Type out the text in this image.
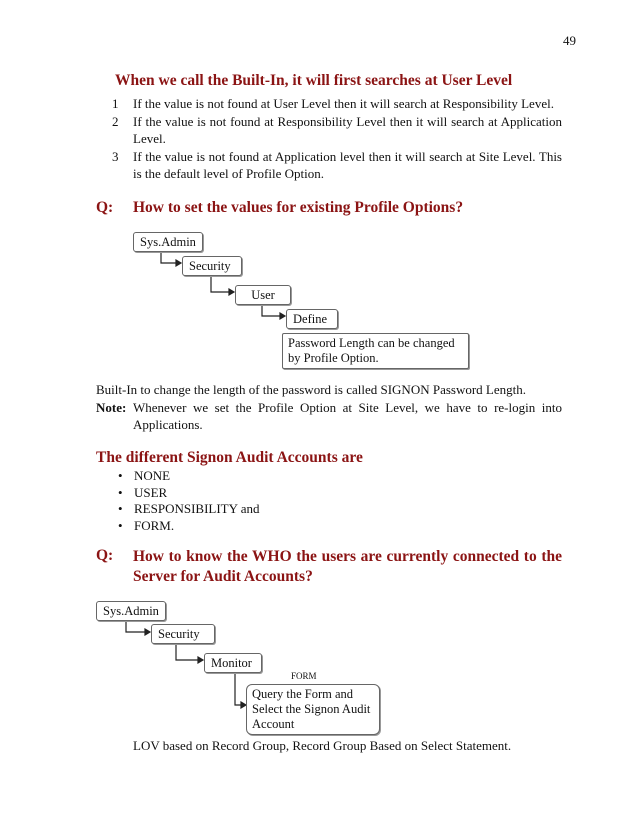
49
When we call the Built-In, it will first searches at User Level
1 If the value is not found at User Level then it will search at Responsibility Level.
2 If the value is not found at Responsibility Level then it will search at Application Level.
3 If the value is not found at Application level then it will search at Site Level. This is the default level of Profile Option.
Q: How to set the values for existing Profile Options?
Sys.Admin
Security
User
Define
Password Length can be changed by Profile Option.
Built-In to change the length of the password is called SIGNON Password Length.
Note: Whenever we set the Profile Option at Site Level, we have to re-login into Applications.
The different Signon Audit Accounts are
• NONE
• USER
• RESPONSIBILITY and
• FORM.
Q: How to know the WHO the users are currently connected to the Server for Audit Accounts?
Sys.Admin
Security
Monitor
FORM
Query the Form and Select the Signon Audit Account
LOV based on Record Group, Record Group Based on Select Statement.
